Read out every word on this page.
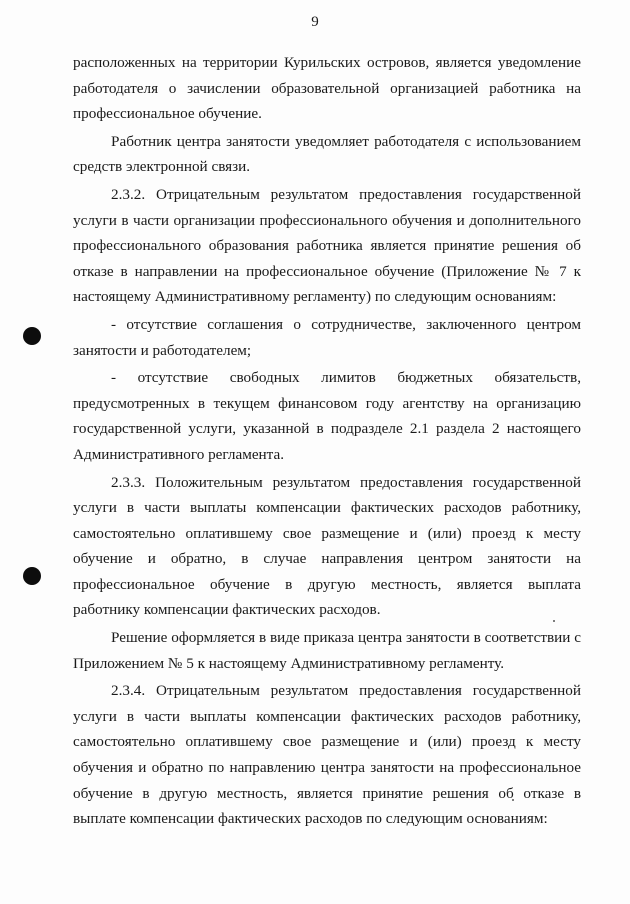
9

расположенных на территории Курильских островов, является уведомление работодателя о зачислении образовательной организацией работника на профессиональное обучение.

Работник центра занятости уведомляет работодателя с использованием средств электронной связи.

2.3.2. Отрицательным результатом предоставления государственной услуги в части организации профессионального обучения и дополнительного профессионального образования работника является принятие решения об отказе в направлении на профессиональное обучение (Приложение № 7 к настоящему Административному регламенту) по следующим основаниям:

- отсутствие соглашения о сотрудничестве, заключенного центром занятости и работодателем;

- отсутствие свободных лимитов бюджетных обязательств, предусмотренных в текущем финансовом году агентству на организацию государственной услуги, указанной в подразделе 2.1 раздела 2 настоящего Административного регламента.

2.3.3. Положительным результатом предоставления государственной услуги в части выплаты компенсации фактических расходов работнику, самостоятельно оплатившему свое размещение и (или) проезд к месту обучение и обратно, в случае направления центром занятости на профессиональное обучение в другую местность, является выплата работнику компенсации фактических расходов.

Решение оформляется в виде приказа центра занятости в соответствии с Приложением № 5 к настоящему Административному регламенту.

2.3.4. Отрицательным результатом предоставления государственной услуги в части выплаты компенсации фактических расходов работнику, самостоятельно оплатившему свое размещение и (или) проезд к месту обучения и обратно по направлению центра занятости на профессиональное обучение в другую местность, является принятие решения об отказе в выплате компенсации фактических расходов по следующим основаниям:
